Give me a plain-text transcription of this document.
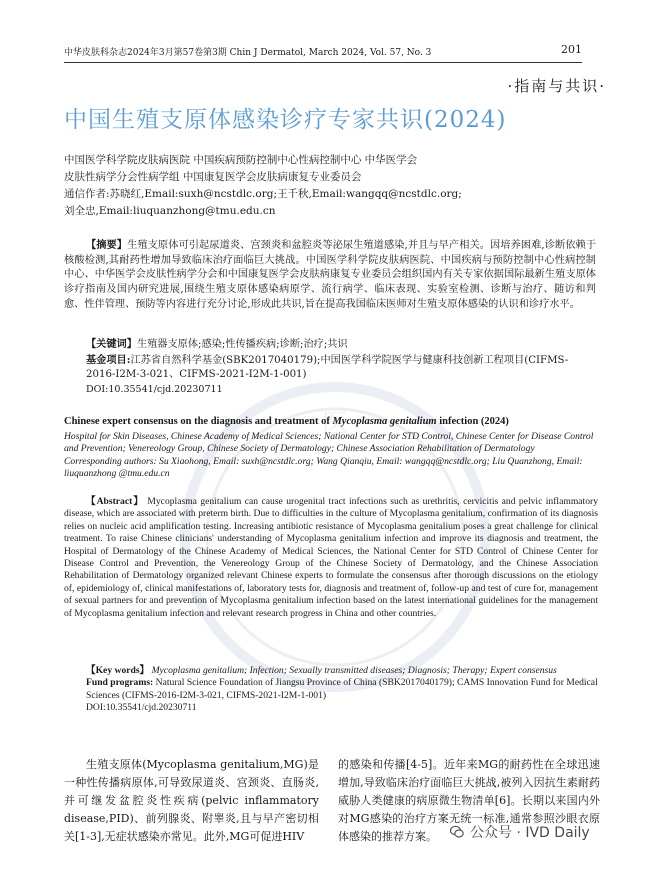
中华皮肤科杂志2024年3月第57卷第3期 Chin J Dermatol, March 2024, Vol. 57, No. 3	201
·指南与共识·
中国生殖支原体感染诊疗专家共识(2024)
中国医学科学院皮肤病医院 中国疾病预防控制中心性病控制中心 中华医学会
皮肤性病学分会性病学组 中国康复医学会皮肤病康复专业委员会
通信作者:苏晓红,Email:suxh@ncstdlc.org;王千秋,Email:wangqq@ncstdlc.org;
刘全忠,Email:liuquanzhong@tmu.edu.cn
医

【摘要】生殖支原体可引起尿道炎、宫颈炎和盆腔炎等泌尿生殖道感染,并且与早产相关。因培养困难,诊断依赖于核酸检测,其耐药性增加导致临床治疗面临巨大挑战。中国医学科学院皮肤病医院、中国疾病与预防控制中心性病控制中心、中华医学会皮肤性病学分会和中国康复医学会皮肤病康复专业委员会组织国内有关专家依据国际最新生殖支原体诊疗指南及国内研究进展,围绕生殖支原体感染病原学、流行病学、临床表现、实验室检测、诊断与治疗、随访和判愈、性伴管理、预防等内容进行充分讨论,形成此共识,旨在提高我国临床医师对生殖支原体感染的认识和诊疗水平。

【关键词】生殖器支原体;感染;性传播疾病;诊断;治疗;共识
基金项目:江苏省自然科学基金(SBK2017040179);中国医学科学院医学与健康科技创新工程项目(CIFMS-2016-I2M-3-021、CIFMS-2021-I2M-1-001)
DOI:10.35541/cjd.20230711
Chinese expert consensus on the diagnosis and treatment of Mycoplasma genitalium infection (2024)
Hospital for Skin Diseases, Chinese Academy of Medical Sciences; National Center for STD Control, Chinese Center for Disease Control and Prevention; Venereology Group, Chinese Society of Dermatology; Chinese Association Rehabilitation of Dermatology
Corresponding authors: Su Xiaohong, Email: suxh@ncstdlc.org; Wang Qianqiu, Email: wangqq@ncstdlc.org; Liu Quanzhong, Email: liuquanzhong @tmu.edu.cn
【Abstract】 Mycoplasma genitalium can cause urogenital tract infections such as urethritis, cervicitis and pelvic inflammatory disease, which are associated with preterm birth. Due to difficulties in the culture of Mycoplasma genitalium, confirmation of its diagnosis relies on nucleic acid amplification testing. Increasing antibiotic resistance of Mycoplasma genitalium poses a great challenge for clinical treatment. To raise Chinese clinicians' understanding of Mycoplasma genitalium infection and improve its diagnosis and treatment, the Hospital of Dermatology of the Chinese Academy of Medical Sciences, the National Center for STD Control of Chinese Center for Disease Control and Prevention, the Venereology Group of the Chinese Society of Dermatology, and the Chinese Association Rehabilitation of Dermatology organized relevant Chinese experts to formulate the consensus after thorough discussions on the etiology of, epidemiology of, clinical manifestations of, laboratory tests for, diagnosis and treatment of, follow-up and test of cure for, management of sexual partners for and prevention of Mycoplasma genitalium infection based on the latest international guidelines for the management of Mycoplasma genitalium infection and relevant research progress in China and other countries.
【Key words】 Mycoplasma genitalium; Infection; Sexually transmitted diseases; Diagnosis; Therapy; Expert consensus
Fund programs: Natural Science Foundation of Jiangsu Province of China (SBK2017040179); CAMS Innovation Fund for Medical Sciences (CIFMS-2016-I2M-3-021, CIFMS-2021-I2M-1-001)
DOI:10.35541/cjd.20230711
生殖支原体(Mycoplasma genitalium,MG)是一种性传播病原体,可导致尿道炎、宫颈炎、直肠炎,并可继发盆腔炎性疾病(pelvic inflammatory disease,PID)、前列腺炎、附睾炎,且与早产密切相关[1-3],无症状感染亦常见。此外,MG可促进HIV
的感染和传播[4-5]。近年来MG的耐药性在全球迅速增加,导致临床治疗面临巨大挑战,被列入因抗生素耐药威胁人类健康的病原微生物清单[6]。长期以来国内外对MG感染的治疗方案无统一标准,通常参照沙眼衣原体感染的推荐方案。	公众号 · IVD Daily
